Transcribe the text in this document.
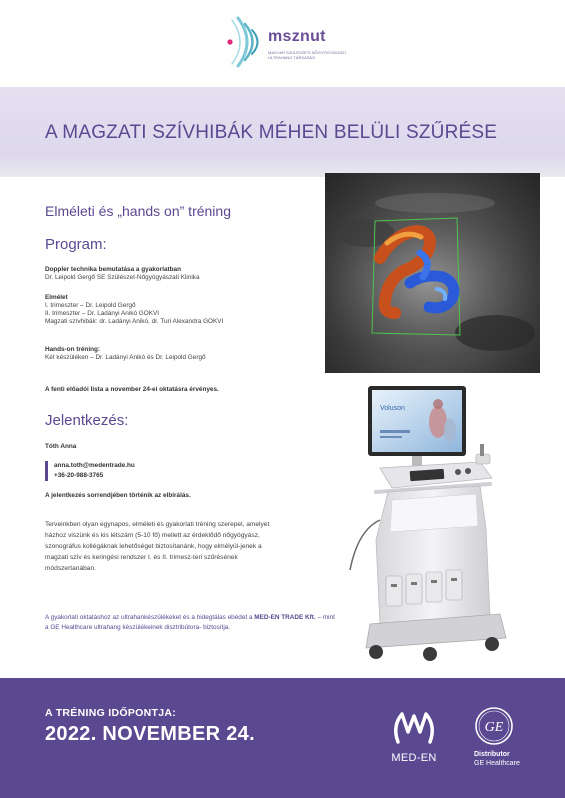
msznut
MAGYAR SZÜLÉSZETI-NŐGYÓGYÁSZATI ULTRAHANG TÁRSASÁG
A MAGZATI SZÍVHIBÁK MÉHEN BELÜLI SZŰRÉSE
Elméleti és „hands on” tréning
Program:
Doppler technika bemutatása a gyakorlatban
Dr. Leipold Gergő SE Szülészet-Nőgyógyászati Klinika
Elmélet
I. trimeszter – Dr. Leipold Gergő
II. trimeszter – Dr. Ladányi Anikó GOKVI
Magzati szívhibák: dr. Ladányi Anikó, dr. Turi Alexandra GOKVI
Hands-on tréning:
Két készüléken – Dr. Ladányi Anikó és Dr. Leipold Gergő
A fenti előadói lista a november 24-ei oktatásra érvényes.
Jelentkezés:
Tóth Anna
anna.toth@medentrade.hu
+36-20-988-3765
A jelentkezés sorrendjében történik az elbírálás.
Terveinkben olyan egynapos, elméleti és gyakorlati tréning szerepel, amelyet házhoz viszünk és kis létszám (5-10 fő) mellett az érdeklődő nőgyógyász, szonográfus kollégáknak lehetőséget biztosítanánk, hogy elmélyül-jenek a magzati szív és keringési rendszer I. és II. trimesz-teri szűrésének módszertanában.
A gyakorlati oktatáshoz az ultrahankészülékeket és a hidegtálas ebédet a MED-EN TRADE Kft. – mint a GE Healthcare ultrahang készülékeinek disztribútora- biztosítja.
Voluson
A TRÉNING IDŐPONTJA:
2022. NOVEMBER 24.
MED-EN
GE
Distributor
GE Healthcare
